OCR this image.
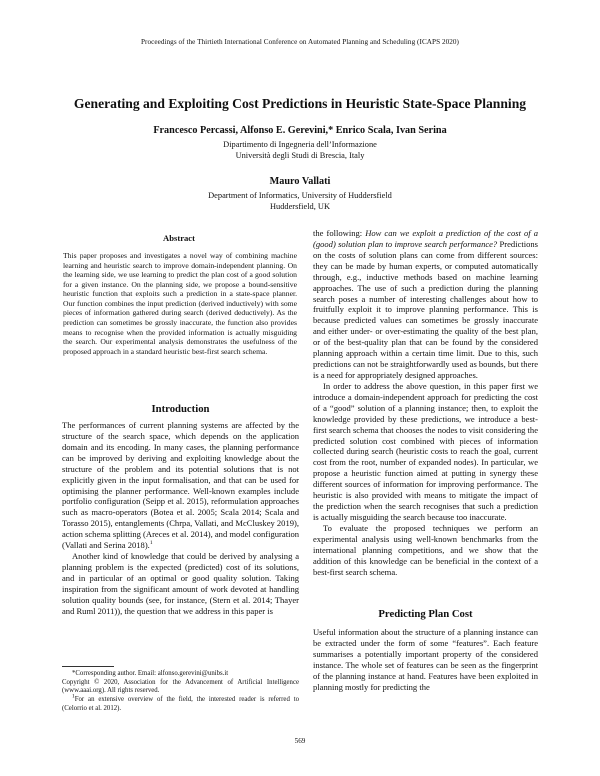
Proceedings of the Thirtieth International Conference on Automated Planning and Scheduling (ICAPS 2020)
Generating and Exploiting Cost Predictions in Heuristic State-Space Planning
Francesco Percassi, Alfonso E. Gerevini,* Enrico Scala, Ivan Serina
Dipartimento di Ingegneria dell’Informazione
Università degli Studi di Brescia, Italy
Mauro Vallati
Department of Informatics, University of Huddersfield
Huddersfield, UK
Abstract

This paper proposes and investigates a novel way of combining machine learning and heuristic search to improve domain-independent planning. On the learning side, we use learning to predict the plan cost of a good solution for a given instance. On the planning side, we propose a bound-sensitive heuristic function that exploits such a prediction in a state-space planner. Our function combines the input prediction (derived inductively) with some pieces of information gathered during search (derived deductively). As the prediction can sometimes be grossly inaccurate, the function also provides means to recognise when the provided information is actually misguiding the search. Our experimental analysis demonstrates the usefulness of the proposed approach in a standard heuristic best-first search schema.

Introduction

The performances of current planning systems are affected by the structure of the search space, which depends on the application domain and its encoding. In many cases, the planning performance can be improved by deriving and exploiting knowledge about the structure of the problem and its potential solutions that is not explicitly given in the input formalisation, and that can be used for optimising the planner performance. Well-known examples include portfolio configuration (Seipp et al. 2015), reformulation approaches such as macro-operators (Botea et al. 2005; Scala 2014; Scala and Torasso 2015), entanglements (Chrpa, Vallati, and McCluskey 2019), action schema splitting (Areces et al. 2014), and model configuration (Vallati and Serina 2018).$^1$

Another kind of knowledge that could be derived by analysing a planning problem is the expected (predicted) cost of its solutions, and in particular of an optimal or good quality solution. Taking inspiration from the significant amount of work devoted at handling solution quality bounds (see, for instance, (Stern et al. 2014; Thayer and Ruml 2011)), the question that we address in this paper is

*Corresponding author. Email: alfonso.gerevini@unibs.it

Copyright © 2020, Association for the Advancement of Artificial Intelligence (www.aaai.org). All rights reserved.

$^1$For an extensive overview of the field, the interested reader is referred to (Celorrio et al. 2012).

the following: How can we exploit a prediction of the cost of a (good) solution plan to improve search performance? Predictions on the costs of solution plans can come from different sources: they can be made by human experts, or computed automatically through, e.g., inductive methods based on machine learning approaches. The use of such a prediction during the planning search poses a number of interesting challenges about how to fruitfully exploit it to improve planning performance. This is because predicted values can sometimes be grossly inaccurate and either under- or over-estimating the quality of the best plan, or of the best-quality plan that can be found by the considered planning approach within a certain time limit. Due to this, such predictions can not be straightforwardly used as bounds, but there is a need for appropriately designed approaches.

In order to address the above question, in this paper first we introduce a domain-independent approach for predicting the cost of a “good” solution of a planning instance; then, to exploit the knowledge provided by these predictions, we introduce a best-first search schema that chooses the nodes to visit considering the predicted solution cost combined with pieces of information collected during search (heuristic costs to reach the goal, current cost from the root, number of expanded nodes). In particular, we propose a heuristic function aimed at putting in synergy these different sources of information for improving performance. The heuristic is also provided with means to mitigate the impact of the prediction when the search recognises that such a prediction is actually misguiding the search because too inaccurate.

To evaluate the proposed techniques we perform an experimental analysis using well-known benchmarks from the international planning competitions, and we show that the addition of this knowledge can be beneficial in the context of a best-first search schema.

Predicting Plan Cost

Useful information about the structure of a planning instance can be extracted under the form of some “features”. Each feature summarises a potentially important property of the considered instance. The whole set of features can be seen as the fingerprint of the planning instance at hand. Features have been exploited in planning mostly for predicting the

569
